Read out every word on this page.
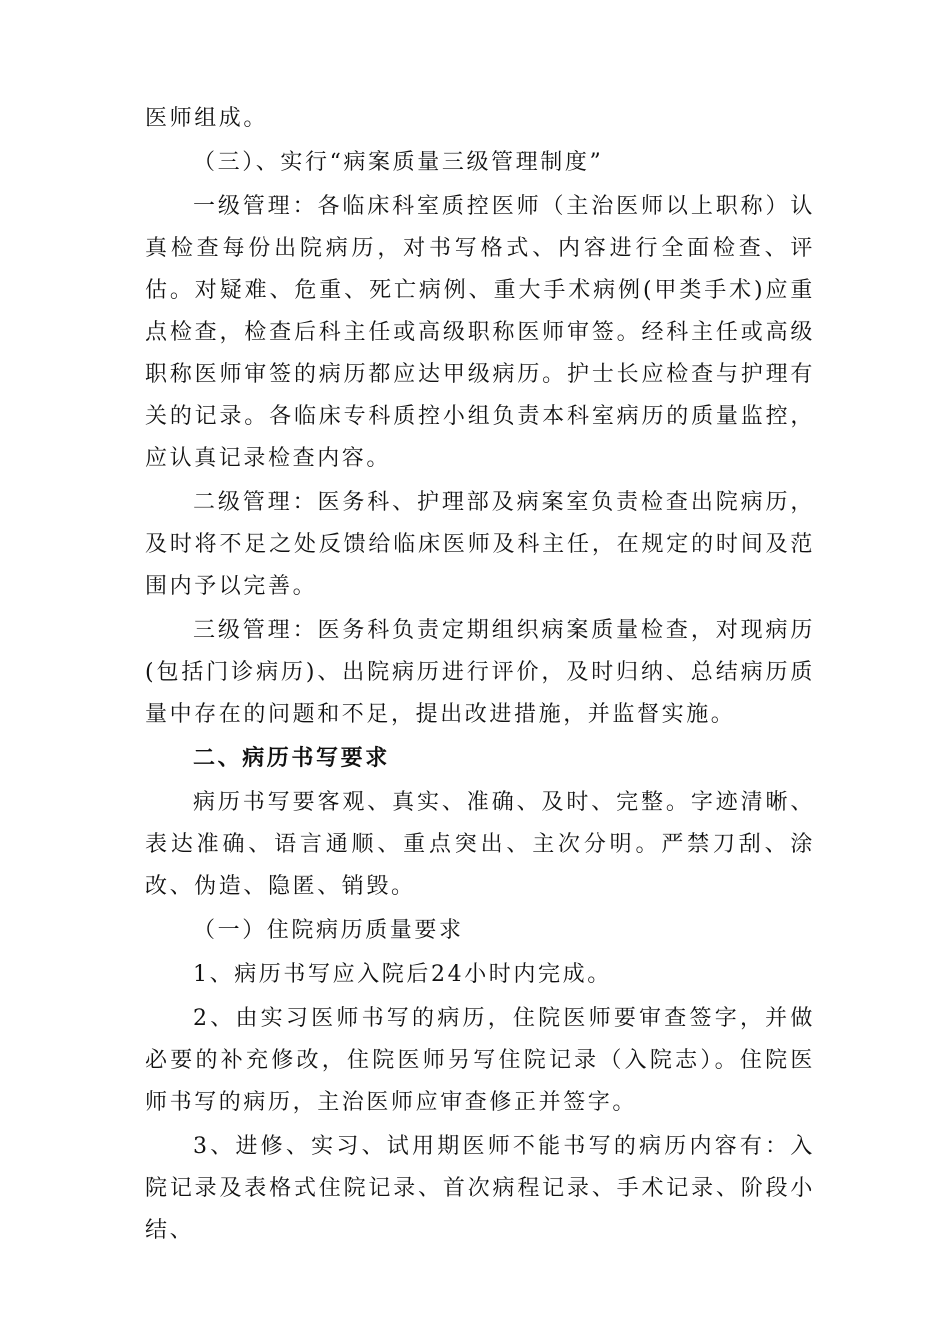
医师组成。

（三）、实行“病案质量三级管理制度”

一级管理：各临床科室质控医师（主治医师以上职称）认真检查每份出院病历，对书写格式、内容进行全面检查、评估。对疑难、危重、死亡病例、重大手术病例(甲类手术)应重点检查，检查后科主任或高级职称医师审签。经科主任或高级职称医师审签的病历都应达甲级病历。护士长应检查与护理有关的记录。各临床专科质控小组负责本科室病历的质量监控，应认真记录检查内容。

二级管理：医务科、护理部及病案室负责检查出院病历，及时将不足之处反馈给临床医师及科主任，在规定的时间及范围内予以完善。

三级管理：医务科负责定期组织病案质量检查，对现病历(包括门诊病历)、出院病历进行评价，及时归纳、总结病历质量中存在的问题和不足，提出改进措施，并监督实施。

二、病历书写要求

病历书写要客观、真实、准确、及时、完整。字迹清晰、表达准确、语言通顺、重点突出、主次分明。严禁刀刮、涂改、伪造、隐匿、销毁。

（一）住院病历质量要求

1、病历书写应入院后24小时内完成。

2、由实习医师书写的病历，住院医师要审查签字，并做必要的补充修改，住院医师另写住院记录（入院志）。住院医师书写的病历，主治医师应审查修正并签字。

3、进修、实习、试用期医师不能书写的病历内容有：入院记录及表格式住院记录、首次病程记录、手术记录、阶段小结、
